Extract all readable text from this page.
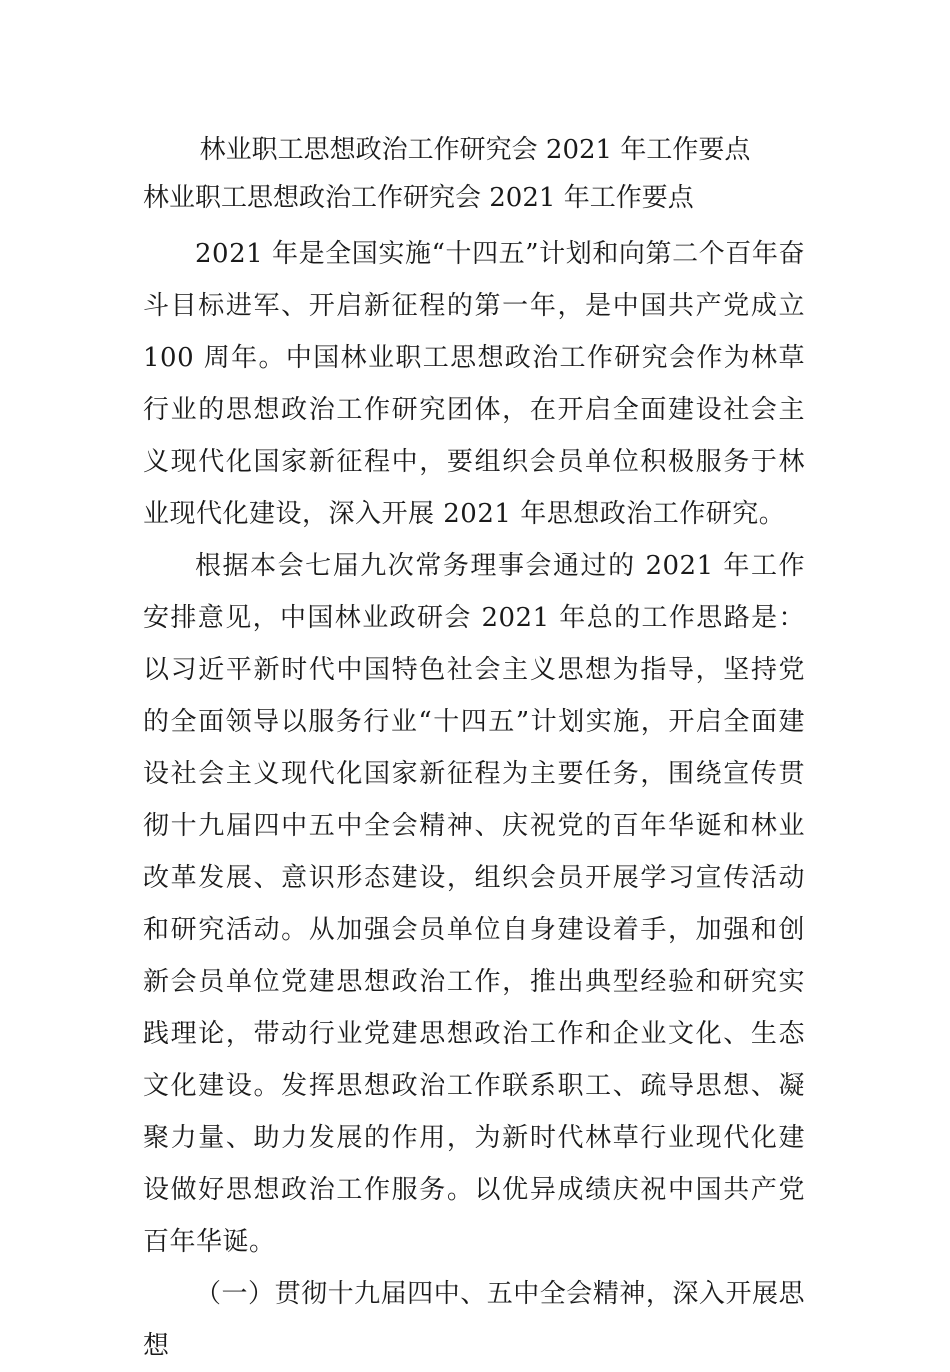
林业职工思想政治工作研究会 2021 年工作要点
林业职工思想政治工作研究会 2021 年工作要点

2021 年是全国实施“十四五”计划和向第二个百年奋斗目标进军、开启新征程的第一年，是中国共产党成立 100 周年。中国林业职工思想政治工作研究会作为林草行业的思想政治工作研究团体，在开启全面建设社会主义现代化国家新征程中，要组织会员单位积极服务于林业现代化建设，深入开展 2021 年思想政治工作研究。

根据本会七届九次常务理事会通过的 2021 年工作安排意见，中国林业政研会 2021 年总的工作思路是：以习近平新时代中国特色社会主义思想为指导，坚持党的全面领导以服务行业“十四五”计划实施，开启全面建设社会主义现代化国家新征程为主要任务，围绕宣传贯彻十九届四中五中全会精神、庆祝党的百年华诞和林业改革发展、意识形态建设，组织会员开展学习宣传活动和研究活动。从加强会员单位自身建设着手，加强和创新会员单位党建思想政治工作，推出典型经验和研究实践理论，带动行业党建思想政治工作和企业文化、生态文化建设。发挥思想政治工作联系职工、疏导思想、凝聚力量、助力发展的作用，为新时代林草行业现代化建设做好思想政治工作服务。以优异成绩庆祝中国共产党百年华诞。

（一）贯彻十九届四中、五中全会精神，深入开展思想
